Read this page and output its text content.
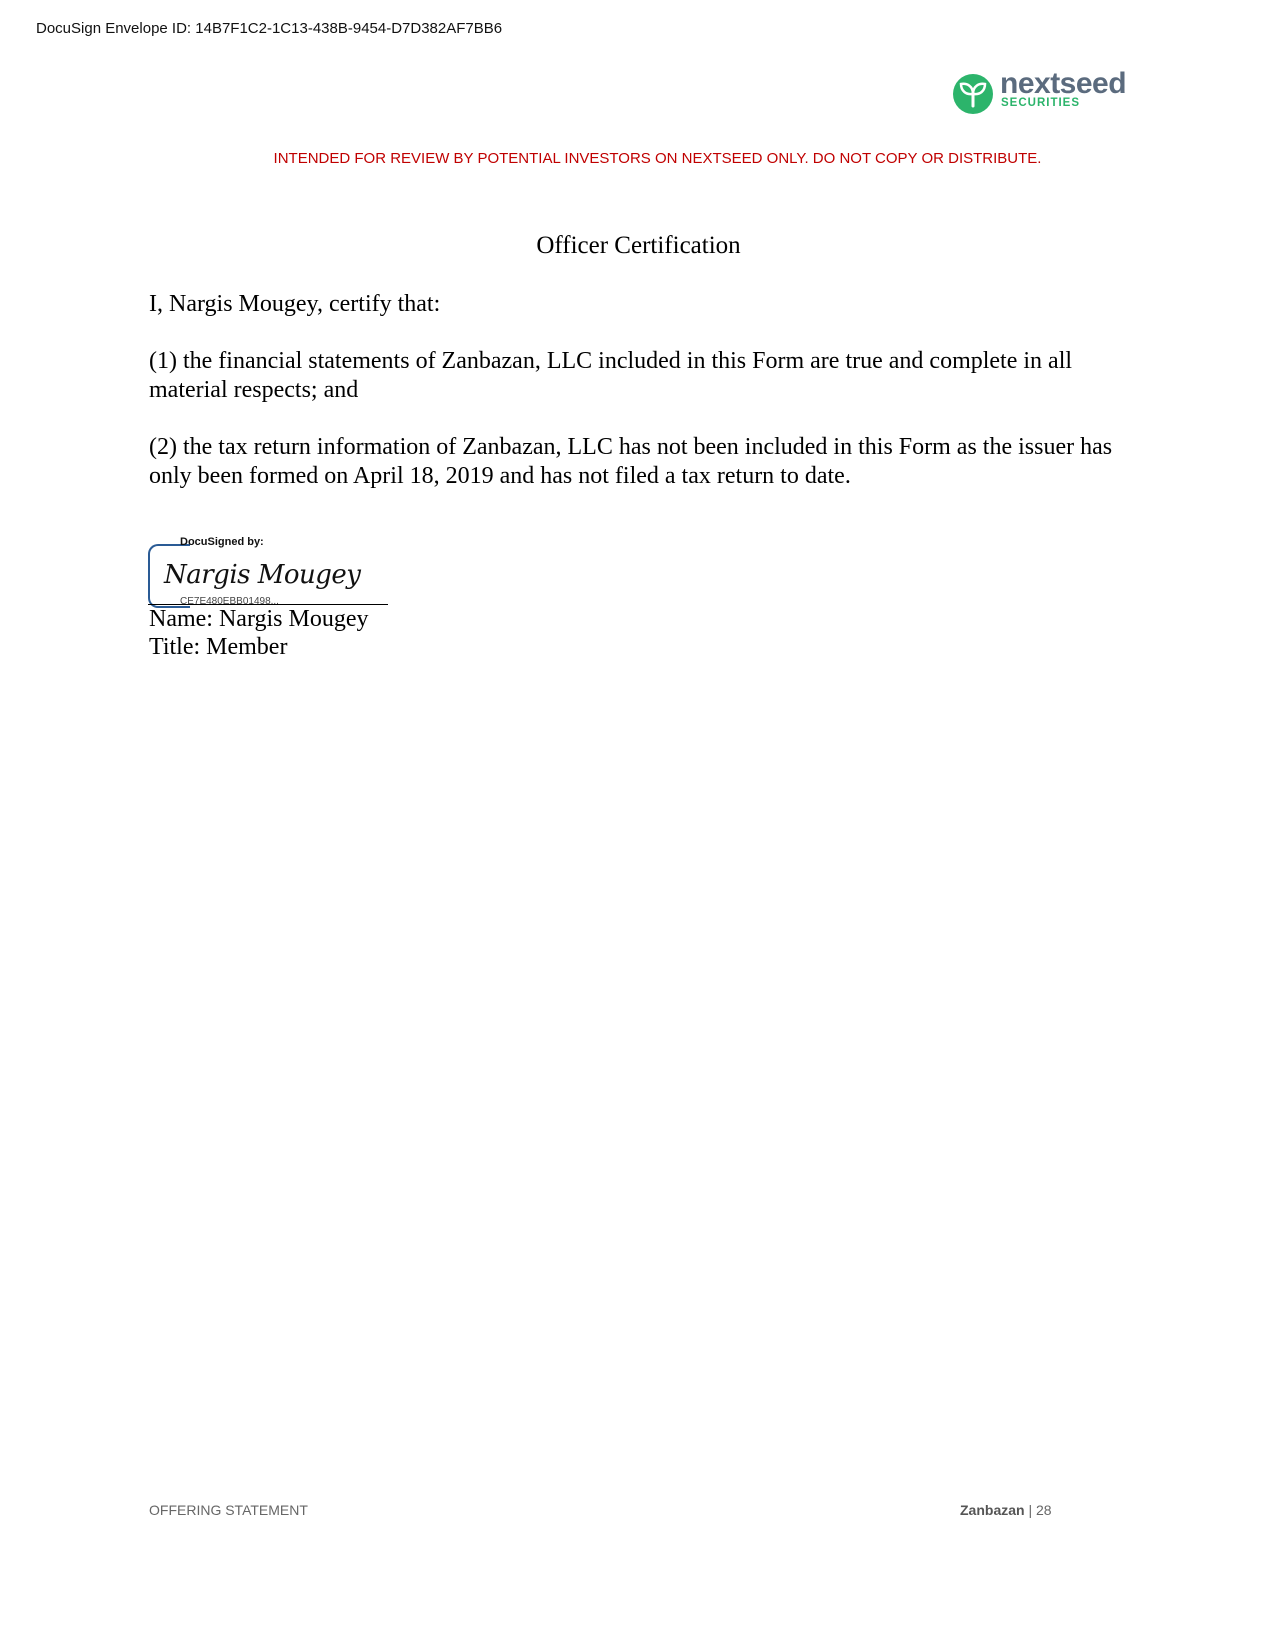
DocuSign Envelope ID: 14B7F1C2-1C13-438B-9454-D7D382AF7BB6
nextseed
SECURITIES
INTENDED FOR REVIEW BY POTENTIAL INVESTORS ON NEXTSEED ONLY. DO NOT COPY OR DISTRIBUTE.
Officer Certification
I, Nargis Mougey, certify that:
(1) the financial statements of Zanbazan, LLC included in this Form are true and complete in all material respects; and
(2) the tax return information of Zanbazan, LLC has not been included in this Form as the issuer has only been formed on April 18, 2019 and has not filed a tax return to date.
DocuSigned by:
Nargis Mougey
CE7E480EBB01498...
Name: Nargis Mougey
Title: Member
OFFERING STATEMENT	Zanbazan | 28
